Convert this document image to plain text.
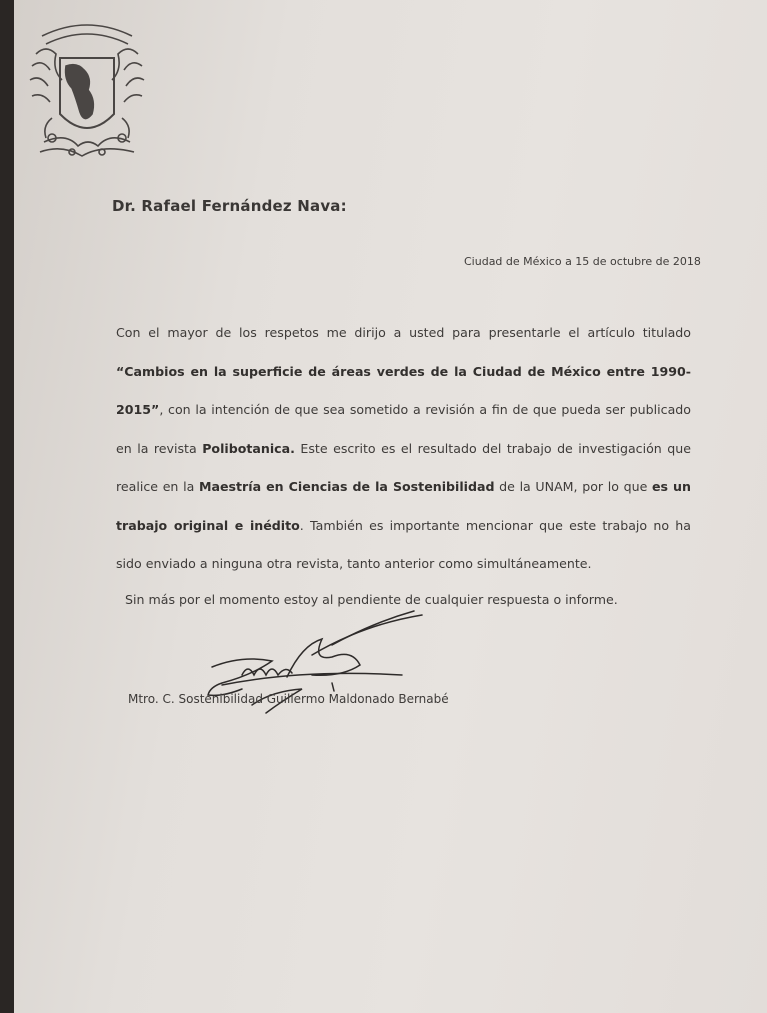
Dr. Rafael Fernández Nava:
Ciudad de México a 15 de octubre de 2018

Con el mayor de los respetos me dirijo a usted para presentarle el artículo titulado “Cambios en la superficie de áreas verdes de la Ciudad de México entre 1990-2015”, con la intención de que sea sometido a revisión a fin de que pueda ser publicado en la revista Polibotanica. Este escrito es el resultado del trabajo de investigación que realice en la Maestría en Ciencias de la Sostenibilidad de la UNAM, por lo que es un trabajo original e inédito. También es importante mencionar que este trabajo no ha sido enviado a ninguna otra revista, tanto anterior como simultáneamente.

Sin más por el momento estoy al pendiente de cualquier respuesta o informe.
Mtro. C. Sostenibilidad Guillermo Maldonado Bernabé
